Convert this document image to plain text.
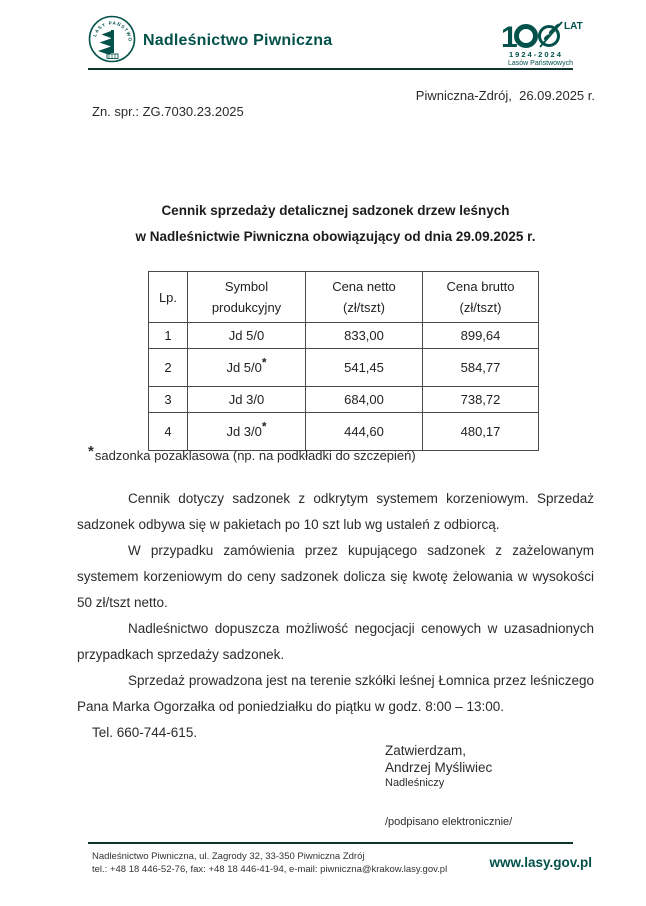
LASY PAŃSTWO Nadleśnictwo Piwniczna	1	LAT
1924-2024
Lasów Państwowych
Piwniczna-Zdrój,  26.09.2025 r.
Zn. spr.: ZG.7030.23.2025
Cennik sprzedaży detalicznej sadzonek drzew leśnych
w Nadleśnictwie Piwniczna obowiązujący od dnia 29.09.2025 r.
Lp.	
Symbol
produkcyjny

Cena netto
(zł/tszt)

Cena brutto
(zł/tszt)

1	Jd 5/0	833,00	899,64
2	Jd 5/0*	541,45	584,77
3	Jd 3/0	684,00	738,72
4	Jd 3/0*	444,60	480,17
*sadzonka pozaklasowa (np. na podkładki do szczepień)

Cennik dotyczy sadzonek z odkrytym systemem korzeniowym. Sprzedaż sadzonek odbywa się w pakietach po 10 szt lub wg ustaleń z odbiorcą.

W przypadku zamówienia przez kupującego sadzonek z zażelowanym systemem korzeniowym do ceny sadzonek dolicza się kwotę żelowania w wysokości 50 zł/tszt netto.

Nadleśnictwo dopuszcza możliwość negocjacji cenowych w uzasadnionych przypadkach sprzedaży sadzonek.

Sprzedaż prowadzona jest na terenie szkółki leśnej Łomnica przez leśniczego Pana Marka Ogorzałka od poniedziałku do piątku w godz. 8:00 – 13:00.

Tel. 660-744-615.

Zatwierdzam,
Andrzej Myśliwiec
Nadleśniczy
/podpisano elektronicznie/
Nadleśnictwo Piwniczna, ul. Zagrody 32, 33-350 Piwniczna Zdrój
tel.: +48 18 446-52-76, fax: +48 18 446-41-94, e-mail: piwniczna@krakow.lasy.gov.pl	www.lasy.gov.pl
